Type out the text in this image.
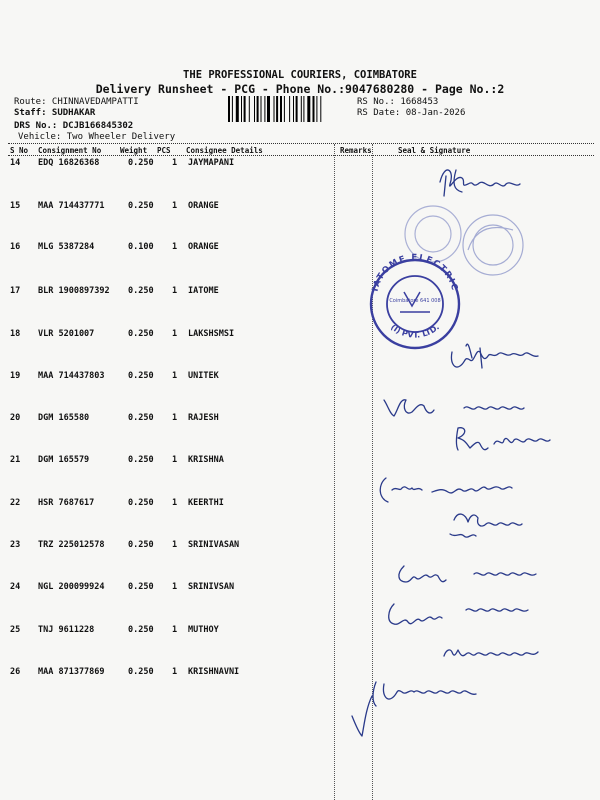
THE PROFESSIONAL COURIERS, COIMBATORE
Delivery Runsheet - PCG - Phone No.:9047680280 - Page No.:2
Route: CHINNAVEDAMPATTI
Staff: SUDHAKAR
DRS No.: DCJB166845302
Vehicle: Two Wheeler Delivery
RS No.: 1668453
RS Date: 08-Jan-2026
S No Consignment No	Weight PCS Consignee Details	Remarks	Seal & Signature
14 EDQ 16826368	0.250 1 JAYMAPANI
15 MAA 714437771	0.250 1 ORANGE
16 MLG 5387284	0.100 1 ORANGE
17 BLR 1900897392 0.250 1 IATOME
18 VLR 5201007	0.250 1 LAKSHSMSI
19 MAA 714437803	0.250 1 UNITEK
20 DGM 165580	0.250 1 RAJESH
21 DGM 165579	0.250 1 KRISHNA
22 HSR 7687617	0.250 1 KEERTHI
23 TRZ 225012578	0.250 1 SRINIVASAN
24 NGL 200099924	0.250 1 SRINIVSAN
25 TNJ 9611228	0.250 1 MUTHOY
26 MAA 871377869	0.250 1 KRISHNAVNI
IATOME ELECTRIC
(I) PVT. LTD.
Coimbatore 641 008
